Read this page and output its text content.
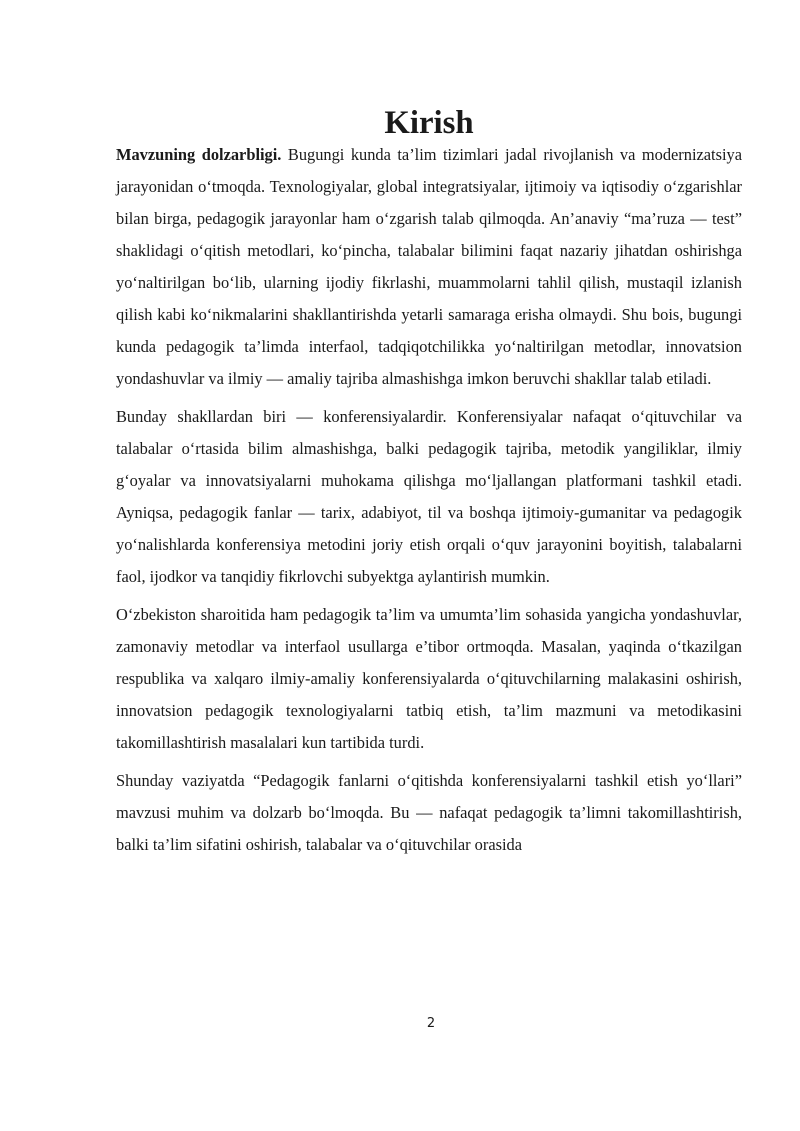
Kirish

Mavzuning dolzarbligi. Bugungi kunda ta’lim tizimlari jadal rivojlanish va modernizatsiya jarayonidan o‘tmoqda. Texnologiyalar, global integratsiyalar, ijtimoiy va iqtisodiy o‘zgarishlar bilan birga, pedagogik jarayonlar ham o‘zgarish talab qilmoqda. An’anaviy “ma’ruza — test” shaklidagi o‘qitish metodlari, ko‘pincha, talabalar bilimini faqat nazariy jihatdan oshirishga yo‘naltirilgan bo‘lib, ularning ijodiy fikrlashi, muammolarni tahlil qilish, mustaqil izlanish qilish kabi ko‘nikmalarini shakllantirishda yetarli samaraga erisha olmaydi. Shu bois, bugungi kunda pedagogik ta’limda interfaol, tadqiqotchilikka yo‘naltirilgan metodlar, innovatsion yondashuvlar va ilmiy — amaliy tajriba almashishga imkon beruvchi shakllar talab etiladi.

Bunday shakllardan biri — konferensiyalardir. Konferensiyalar nafaqat o‘qituvchilar va talabalar o‘rtasida bilim almashishga, balki pedagogik tajriba, metodik yangiliklar, ilmiy g‘oyalar va innovatsiyalarni muhokama qilishga mo‘ljallangan platformani tashkil etadi. Ayniqsa, pedagogik fanlar — tarix, adabiyot, til va boshqa ijtimoiy-gumanitar va pedagogik yo‘nalishlarda konferensiya metodini joriy etish orqali o‘quv jarayonini boyitish, talabalarni faol, ijodkor va tanqidiy fikrlovchi subyektga aylantirish mumkin.

O‘zbekiston sharoitida ham pedagogik ta’lim va umumta’lim sohasida yangicha yondashuvlar, zamonaviy metodlar va interfaol usullarga e’tibor ortmoqda. Masalan, yaqinda o‘tkazilgan respublika va xalqaro ilmiy-amaliy konferensiyalarda o‘qituvchilarning malakasini oshirish, innovatsion pedagogik texnologiyalarni tatbiq etish, ta’lim mazmuni va metodikasini takomillashtirish masalalari kun tartibida turdi.

Shunday vaziyatda “Pedagogik fanlarni o‘qitishda konferensiyalarni tashkil etish yo‘llari” mavzusi muhim va dolzarb bo‘lmoqda. Bu — nafaqat pedagogik ta’limni takomillashtirish, balki ta’lim sifatini oshirish, talabalar va o‘qituvchilar orasida

2
